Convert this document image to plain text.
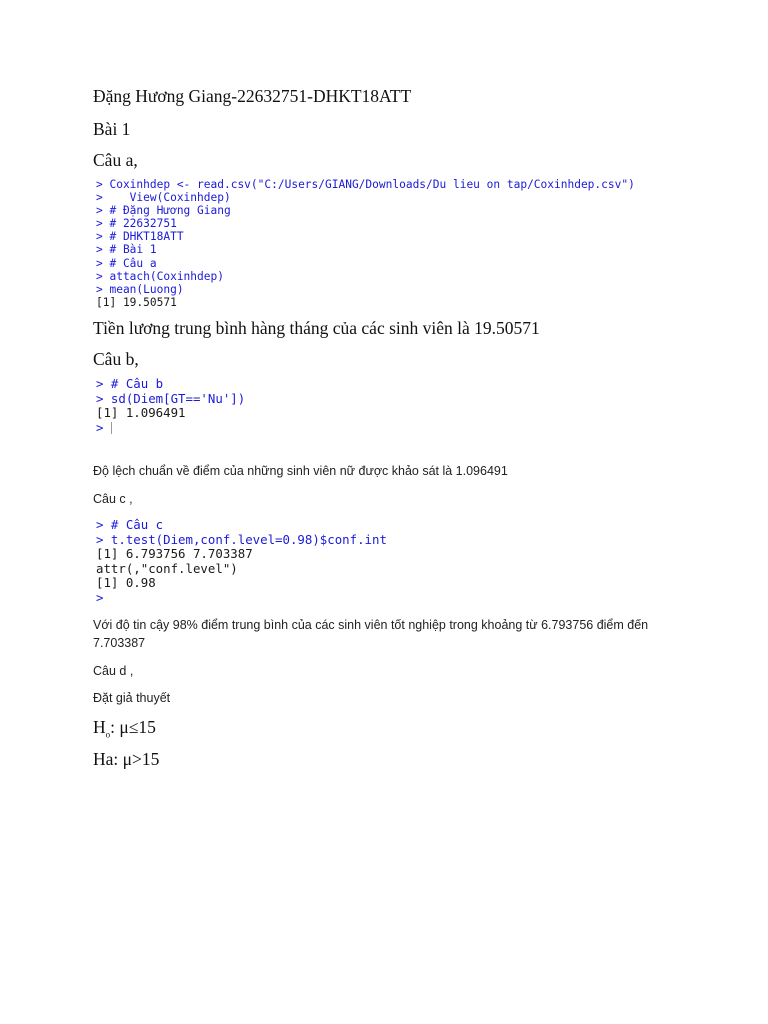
Đặng Hương Giang-22632751-DHKT18ATT
Bài 1
Câu a,
> Coxinhdep <- read.csv("C:/Users/GIANG/Downloads/Du lieu on tap/Coxinhdep.csv")
>    View(Coxinhdep)
> # Đặng Hương Giang
> # 22632751
> # DHKT18ATT
> # Bài 1
> # Câu a
> attach(Coxinhdep)
> mean(Luong)
[1] 19.50571
Tiền lương trung bình hàng tháng của các sinh viên là 19.50571
Câu b,
> # Câu b
> sd(Diem[GT=='Nu'])
[1] 1.096491
>
Độ lệch chuẩn về điểm của những sinh viên nữ được khảo sát là 1.096491
Câu c ,
> # Câu c
> t.test(Diem,conf.level=0.98)$conf.int
[1] 6.793756 7.703387
attr(,"conf.level")
[1] 0.98
>
Với độ tin cậy 98% điểm trung bình của các sinh viên tốt nghiệp trong khoảng từ 6.793756 điểm đến
7.703387
Câu d ,
Đặt giả thuyết
$H_o$: μ≤15
Ha: μ>15
